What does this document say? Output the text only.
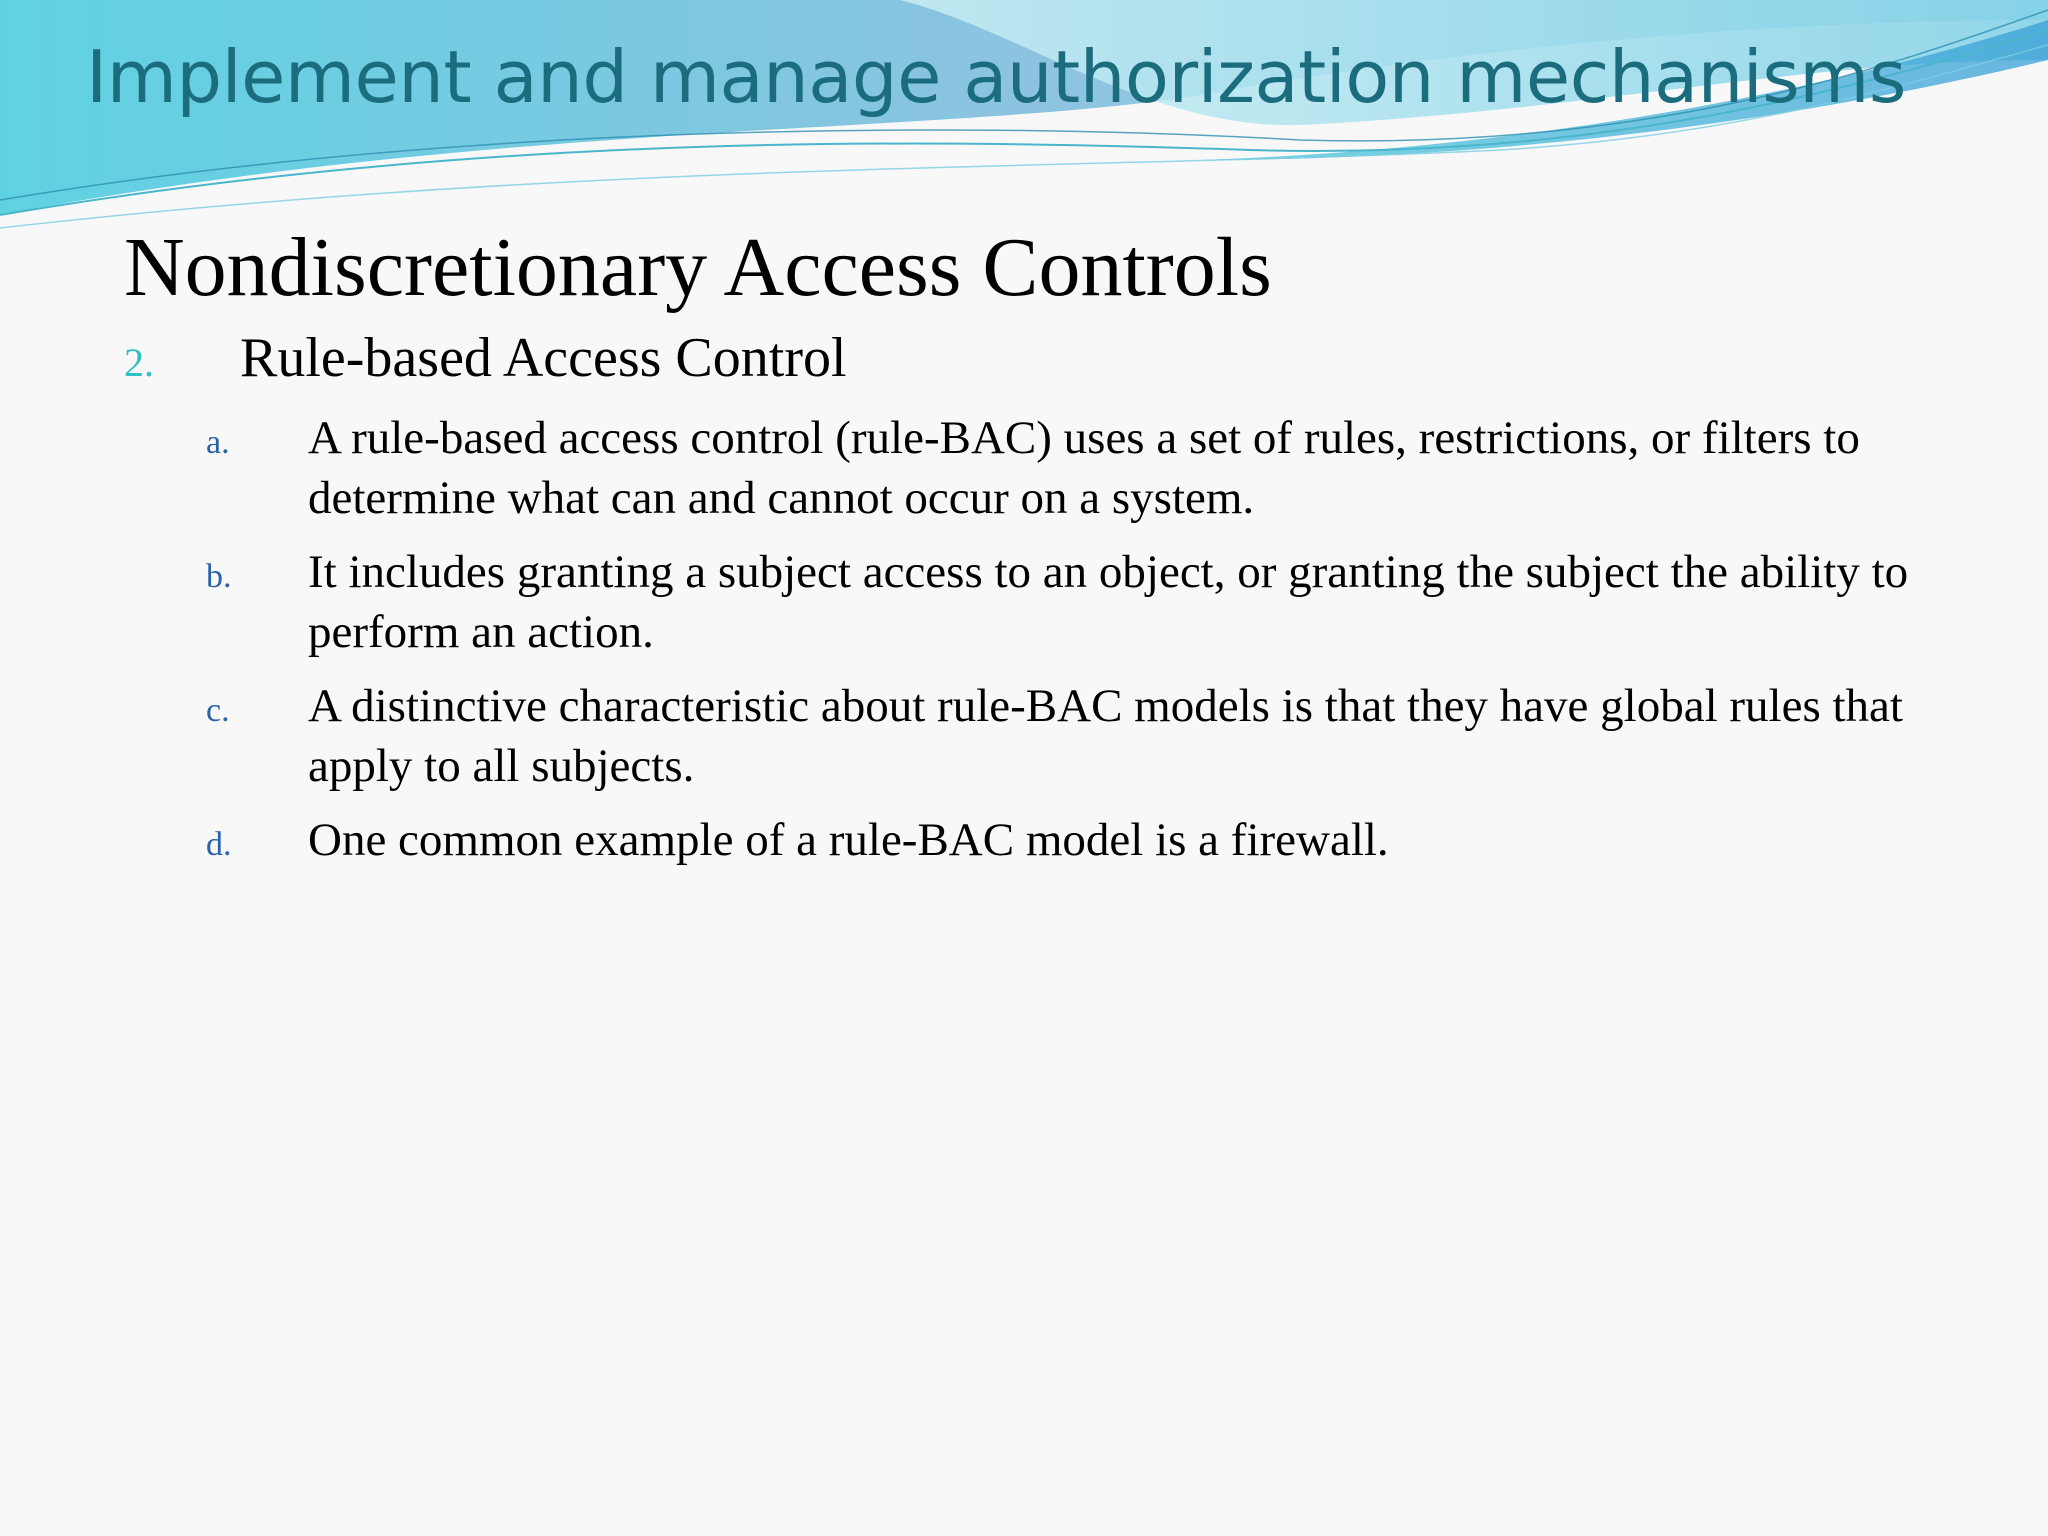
Implement and manage authorization mechanisms
Nondiscretionary Access Controls
2.	Rule-based Access Control
a.	A rule-based access control (rule-BAC) uses a set of rules, restrictions, or filters to determine what can and cannot occur on a system.
b.	It includes granting a subject access to an object, or granting the subject the ability to perform an action.
c.	A distinctive characteristic about rule-BAC models is that they have global rules that apply to all subjects.
d.	One common example of a rule-BAC model is a firewall.
